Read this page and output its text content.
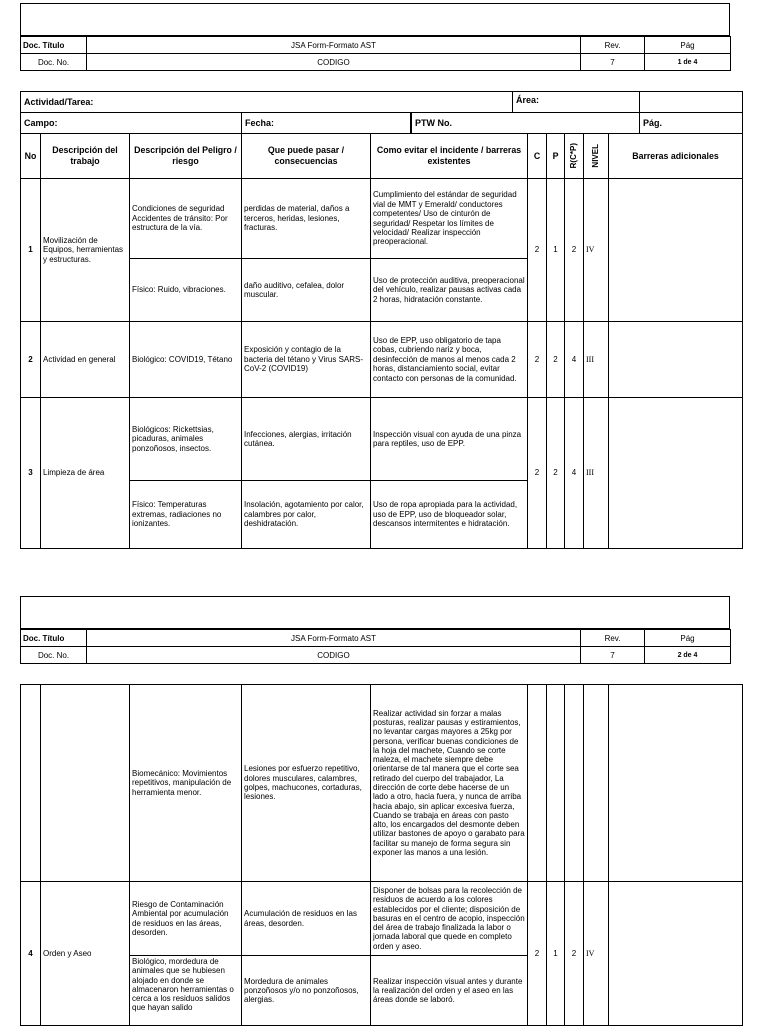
Doc. Título	JSA Form-Formato AST	Rev.	Pág
Doc. No.	CODIGO	7	1 de 4
Actividad/Tarea:			
Campo:	Fecha:	PTW No.	Pág.
Área:
No	Descripción del trabajo	Descripción del Peligro / riesgo	Que puede pasar / consecuencias	Como evitar el incidente / barreras existentes	C	P	R(C*P)	NIVEL	Barreras adicionales
1	Movilización de Equipos, herramientas y estructuras.	Condiciones de seguridad Accidentes de tránsito: Por estructura de la vía.	perdidas de material, daños a terceros, heridas, lesiones, fracturas.	Cumplimiento del estándar de seguridad vial de MMT y Emerald/ conductores competentes/ Uso de cinturón de seguridad/ Respetar los límites de velocidad/ Realizar inspección preoperacional.	2	1	2	IV	
		Físico: Ruido, vibraciones.	daño auditivo, cefalea, dolor muscular.	Uso de protección auditiva, preoperacional del vehículo, realizar pausas activas cada 2 horas, hidratación constante.					
2	Actividad en general	Biológico: COVID19, Tétano	Exposición y contagio de la bacteria del tétano y Virus SARS-CoV-2 (COVID19)	Uso de EPP, uso obligatorio de tapa cobas, cubriendo nariz y boca, desinfección de manos al menos cada 2 horas, distanciamiento social, evitar contacto con personas de la comunidad.	2	2	4	III	
3	Limpieza de área	Biológicos: Rickettsias, picaduras, animales ponzoñosos, insectos.	Infecciones, alergias, irritación cutánea.	Inspección visual con ayuda de una pinza para reptiles, uso de EPP.	2	2	4	III	
		Físico: Temperaturas extremas, radiaciones no ionizantes.	Insolación, agotamiento por calor, calambres por calor, deshidratación.	Uso de ropa apropiada para la actividad, uso de EPP, uso de bloqueador solar, descansos intermitentes e hidratación.					
Doc. Título	JSA Form-Formato AST	Rev.	Pág
Doc. No.	CODIGO	7	2 de 4
		Biomecánico: Movimientos repetitivos, manipulación de herramienta menor.	Lesiones por esfuerzo repetitivo, dolores musculares, calambres, golpes, machucones, cortaduras, lesiones.	Realizar actividad sin forzar a malas posturas, realizar pausas y estiramientos, no levantar cargas mayores a 25kg por persona, verificar buenas condiciones de la hoja del machete, Cuando se corte maleza, el machete siempre debe orientarse de tal manera que el corte sea retirado del cuerpo del trabajador, La dirección de corte debe hacerse de un lado a otro, hacia fuera, y nunca de arriba hacia abajo, sin aplicar excesiva fuerza, Cuando se trabaja en áreas con pasto alto, los encargados del desmonte deben utilizar bastones de apoyo o garabato para facilitar su manejo de forma segura sin exponer las manos a una lesión.					
4	Orden y Aseo	Riesgo de Contaminación Ambiental por acumulación de residuos en las áreas, desorden.	Acumulación de residuos en las áreas, desorden.	Disponer de bolsas para la recolección de residuos de acuerdo a los colores establecidos por el cliente; disposición de basuras en el centro de acopio, inspección del área de trabajo finalizada la labor o jornada laboral que quede en completo orden y aseo.	2	1	2	IV	
		Biológico, mordedura de animales que se hubiesen alojado en donde se almacenaron herramientas o cerca a los residuos salidos que hayan salido	Mordedura de animales ponzoñosos y/o no ponzoñosos, alergias.	Realizar inspección visual antes y durante la realización del orden y el aseo en las áreas donde se laboró.					
